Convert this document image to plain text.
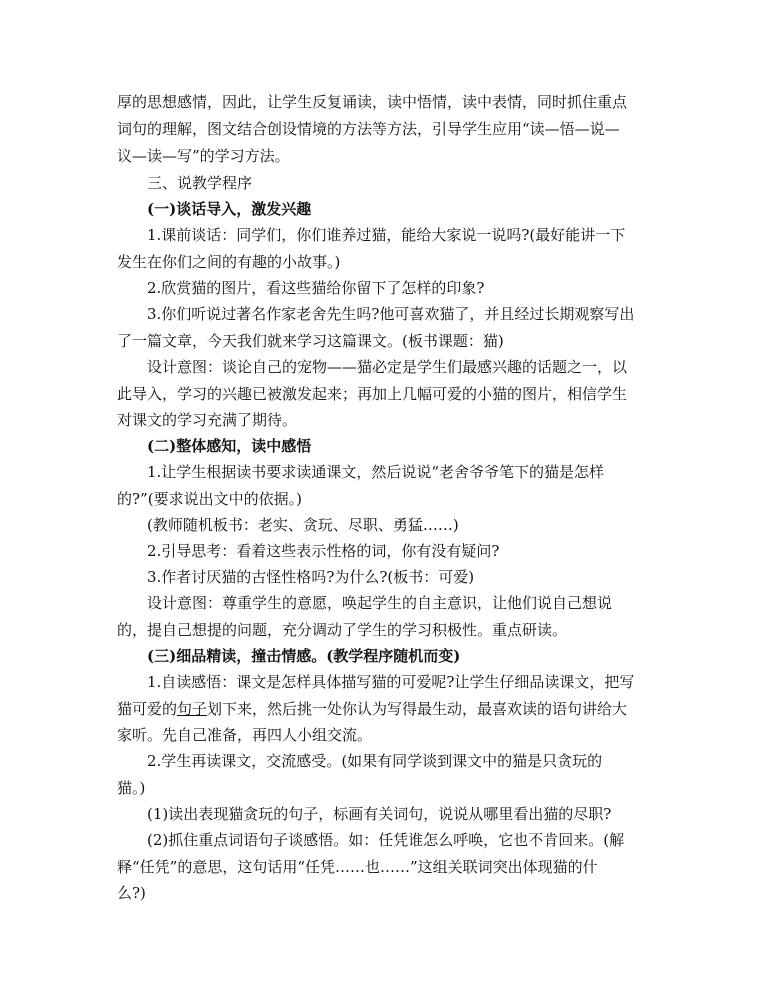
厚的思想感情，因此，让学生反复诵读，读中悟情，读中表情，同时抓住重点
词句的理解，图文结合创设情境的方法等方法，引导学生应用“读—悟—说—
议—读—写”的学习方法。
三、说教学程序
(一)谈话导入，激发兴趣
1.课前谈话：同学们，你们谁养过猫，能给大家说一说吗?(最好能讲一下
发生在你们之间的有趣的小故事。)
2.欣赏猫的图片，看这些猫给你留下了怎样的印象?
3.你们听说过著名作家老舍先生吗?他可喜欢猫了，并且经过长期观察写出
了一篇文章，今天我们就来学习这篇课文。(板书课题：猫)
设计意图：谈论自己的宠物——猫必定是学生们最感兴趣的话题之一，以
此导入，学习的兴趣已被激发起来；再加上几幅可爱的小猫的图片，相信学生
对课文的学习充满了期待。
(二)整体感知，读中感悟
1.让学生根据读书要求读通课文，然后说说“老舍爷爷笔下的猫是怎样
的?”(要求说出文中的依据。)
(教师随机板书：老实、贪玩、尽职、勇猛……)
2.引导思考：看着这些表示性格的词，你有没有疑问?
3.作者讨厌猫的古怪性格吗?为什么?(板书：可爱)
设计意图：尊重学生的意愿，唤起学生的自主意识，让他们说自己想说
的，提自己想提的问题，充分调动了学生的学习积极性。重点研读。
(三)细品精读，撞击情感。(教学程序随机而变)
1.自读感悟：课文是怎样具体描写猫的可爱呢?让学生仔细品读课文，把写
猫可爱的句子划下来，然后挑一处你认为写得最生动，最喜欢读的语句讲给大
家听。先自己准备，再四人小组交流。
2.学生再读课文，交流感受。(如果有同学谈到课文中的猫是只贪玩的
猫。)
(1)读出表现猫贪玩的句子，标画有关词句，说说从哪里看出猫的尽职?
(2)抓住重点词语句子谈感悟。如：任凭谁怎么呼唤，它也不肯回来。(解
释“任凭”的意思，这句话用“任凭……也……”这组关联词突出体现猫的什
么?)
